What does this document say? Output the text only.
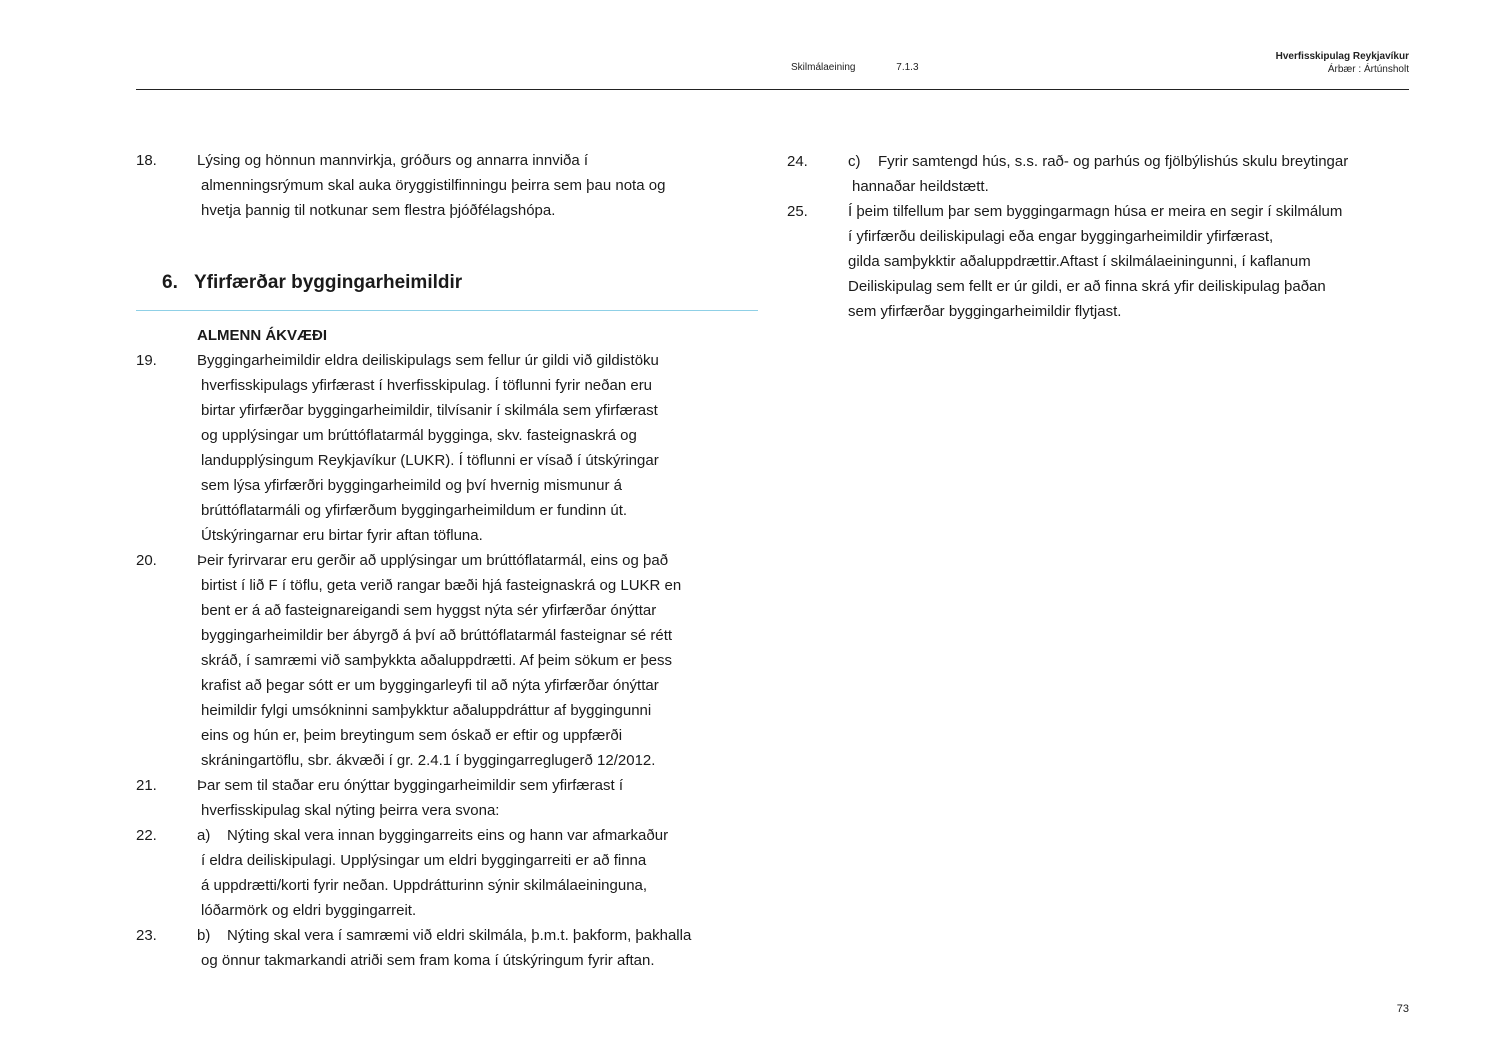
Skilmálaeining	7.1.3
Hverfisskipulag Reykjavíkur
Árbær : Ártúnsholt
18.	Lýsing og hönnun mannvirkja, gróðurs og annarra innviða í
almenningsrýmum skal auka öryggistilfinningu þeirra sem þau nota og
hvetja þannig til notkunar sem flestra þjóðfélagshópa.
6. Yfirfærðar byggingarheimildir
ALMENN ÁKVÆÐI
19.	Byggingarheimildir eldra deiliskipulags sem fellur úr gildi við gildistöku
hverfisskipulags yfirfærast í hverfisskipulag. Í töflunni fyrir neðan eru
birtar yfirfærðar byggingarheimildir, tilvísanir í skilmála sem yfirfærast
og upplýsingar um brúttóflatarmál bygginga, skv. fasteignaskrá og
landupplýsingum Reykjavíkur (LUKR). Í töflunni er vísað í útskýringar
sem lýsa yfirfærðri byggingarheimild og því hvernig mismunur á
brúttóflatarmáli og yfirfærðum byggingarheimildum er fundinn út.
Útskýringarnar eru birtar fyrir aftan töfluna.
20.	Þeir fyrirvarar eru gerðir að upplýsingar um brúttóflatarmál, eins og það
birtist í lið F í töflu, geta verið rangar bæði hjá fasteignaskrá og LUKR en
bent er á að fasteignareigandi sem hyggst nýta sér yfirfærðar ónýttar
byggingarheimildir ber ábyrgð á því að brúttóflatarmál fasteignar sé rétt
skráð, í samræmi við samþykkta aðaluppdrætti. Af þeim sökum er þess
krafist að þegar sótt er um byggingarleyfi til að nýta yfirfærðar ónýttar
heimildir fylgi umsókninni samþykktur aðaluppdráttur af byggingunni
eins og hún er, þeim breytingum sem óskað er eftir og uppfærði
skráningartöflu, sbr. ákvæði í gr. 2.4.1 í byggingarreglugerð 12/2012.
21.	Þar sem til staðar eru ónýttar byggingarheimildir sem yfirfærast í
hverfisskipulag skal nýting þeirra vera svona:
22.	a) Nýting skal vera innan byggingarreits eins og hann var afmarkaður
í eldra deiliskipulagi. Upplýsingar um eldri byggingarreiti er að finna
á uppdrætti/korti fyrir neðan. Uppdrátturinn sýnir skilmálaeininguna,
lóðarmörk og eldri byggingarreit.
23.	b) Nýting skal vera í samræmi við eldri skilmála, þ.m.t. þakform, þakhalla
og önnur takmarkandi atriði sem fram koma í útskýringum fyrir aftan.
24.	c) Fyrir samtengd hús, s.s. rað- og parhús og fjölbýlishús skulu breytingar
hannaðar heildstætt.
25.	Í þeim tilfellum þar sem byggingarmagn húsa er meira en segir í skilmálum
í yfirfærðu deiliskipulagi eða engar byggingarheimildir yfirfærast,
gilda samþykktir aðaluppdrættir.Aftast í skilmálaeiningunni, í kaflanum
Deiliskipulag sem fellt er úr gildi, er að finna skrá yfir deiliskipulag þaðan
sem yfirfærðar byggingarheimildir flytjast.
73
